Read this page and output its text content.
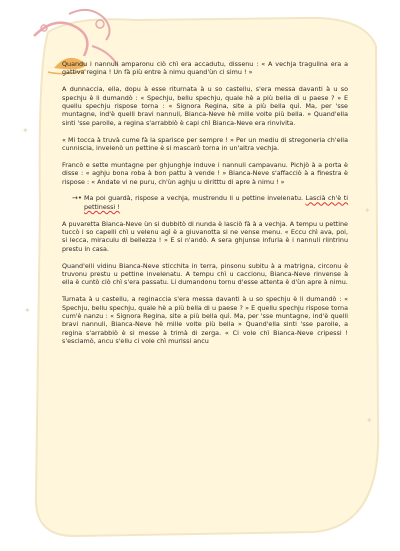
✦
✦
✦
✦

Quandu i nannuli amparonu ciò chì era accadutu, dissenu : « A vechja tragulina era a gattiva regina ! Un fà più entre à nimu quand'ùn ci simu ! »

A dunnaccia, ella, dopu à esse riturnata à u so castellu, s'era messa davanti à u so spechju è li dumandò : « Spechju, bellu spechju, quale hè a più bella di u paese ? » E quellu spechju rispose torna : « Signora Regina, site a più bella quì. Ma, per 'sse muntagne, ind'è quelli bravi nannuli, Bianca-Neve hè mille volte più bella. » Quand'ella sinti 'sse parolle, a regina s'arrabbiò è capi chì Bianca-Neve era rinvivita.

« Mi tocca à truvà cume fà la sparisce per sempre ! » Per un mediu di stregoneria ch'ella cunniscia, invelenò un pettine è si mascarò torna in un'altra vechja.

Francò e sette muntagne per ghjunghje induve i nannuli campavanu. Pichjò à a porta è disse : « aghju bona roba à bon pattu à vende ! » Bianca-Neve s'affacciò à a finestra è rispose : « Andate vi ne puru, ch'ùn aghju u diritttu di apre à nimu ! »

→• Ma poi guardà, rispose a vechja, mustrendu li u pettine invelenatu. Lascià ch'è ti pettinessi !

A puvaretta Bianca-Neve ùn si dubbitò di nunda è lasciò fà à a vechja. A tempu u pettine tuccò i so capelli chì u velenu agì è a giuvanotta si ne vense menu. « Eccu chì ava, poi, si lecca, miraculu di bellezza ! » E si n'andò. A sera ghjunse infuria è i nannuli riintrinu prestu in casa.

Quand'elli vidinu Bianca-Neve sticchita in terra, pinsonu subitu à a matrigna, circonu è truvonu prestu u pettine invelenatu. A tempu chì u caccionu, Bianca-Neve rinvense à ella è cuntò ciò chì s'era passatu. Li dumandonu tornu d'esse attenta è d'ùn apre à nimu.

Turnata à u castellu, a reginaccia s'era messa davanti à u so spechju è li dumandò : « Spechju, bellu spechju, quale hè a più bella di u paese ? » E quellu spechju rispose torna cum'è nanzu : « Signora Regina, site a più bella quì. Ma, per 'sse muntagne, ind'è quelli bravi nannuli, Bianca-Neve hè mille volte più bella » Quand'ella sinti 'sse parolle, a regina s'arrabbiò è si messe à trimà di zerga. « Ci vole chì Bianca-Neve cripessi ! s'esclamò, ancu s'ellu ci vole chì murissi ancu
